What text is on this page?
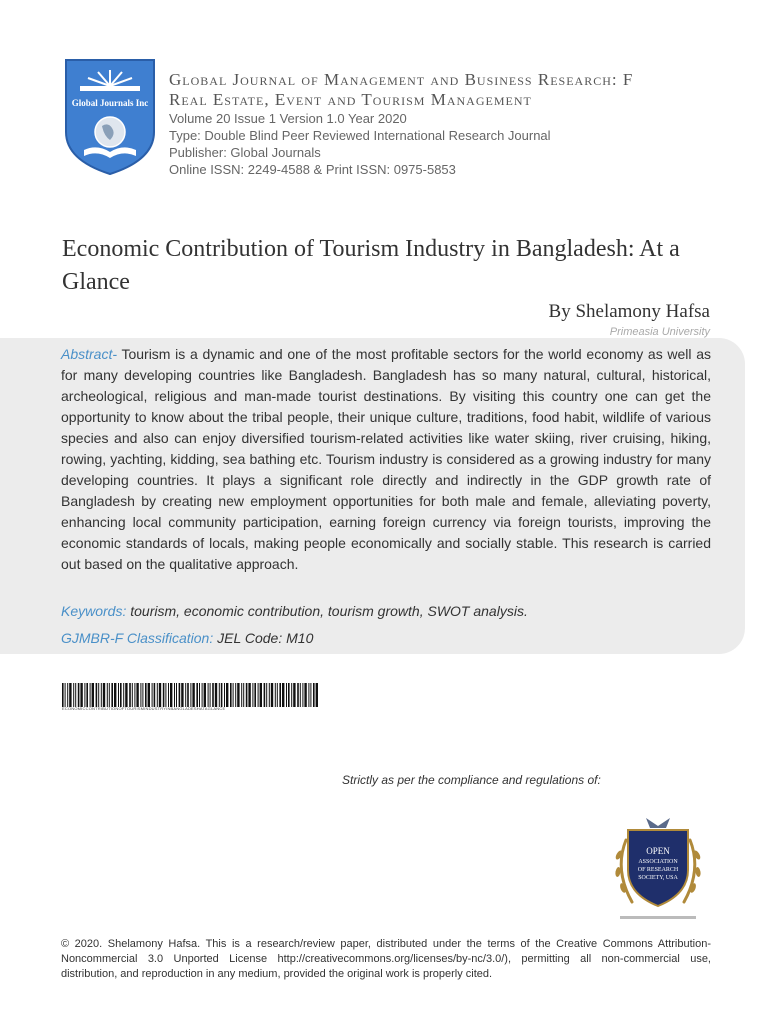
Global Journals Inc
Global Journal of Management and Business Research: F
Real Estate, Event and Tourism Management
Volume 20 Issue 1 Version 1.0 Year 2020
Type: Double Blind Peer Reviewed International Research Journal
Publisher: Global Journals
Online ISSN: 2249-4588 & Print ISSN: 0975-5853
Economic Contribution of Tourism Industry in Bangladesh: At a Glance
By Shelamony Hafsa
Primeasia University
Abstract- Tourism is a dynamic and one of the most profitable sectors for the world economy as well as for many developing countries like Bangladesh. Bangladesh has so many natural, cultural, historical, archeological, religious and man-made tourist destinations. By visiting this country one can get the opportunity to know about the tribal people, their unique culture, traditions, food habit, wildlife of various species and also can enjoy diversified tourism-related activities like water skiing, river cruising, hiking, rowing, yachting, kidding, sea bathing etc. Tourism industry is considered as a growing industry for many developing countries. It plays a significant role directly and indirectly in the GDP growth rate of Bangladesh by creating new employment opportunities for both male and female, alleviating poverty, enhancing local community participation, earning foreign currency via foreign tourists, improving the economic standards of locals, making people economically and socially stable. This research is carried out based on the qualitative approach.
Keywords: tourism, economic contribution, tourism growth, SWOT analysis.
GJMBR-F Classification: JEL Code: M10
ECONOMICCONTRIBUTIONOFTOURISMINDUSTRYINBANGLADESHATAGLANCE
Strictly as per the compliance and regulations of:
OPEN
ASSOCIATION
OF RESEARCH
SOCIETY, USA
© 2020. Shelamony Hafsa. This is a research/review paper, distributed under the terms of the Creative Commons Attribution-Noncommercial 3.0 Unported License http://creativecommons.org/licenses/by-nc/3.0/), permitting all non-commercial use, distribution, and reproduction in any medium, provided the original work is properly cited.
